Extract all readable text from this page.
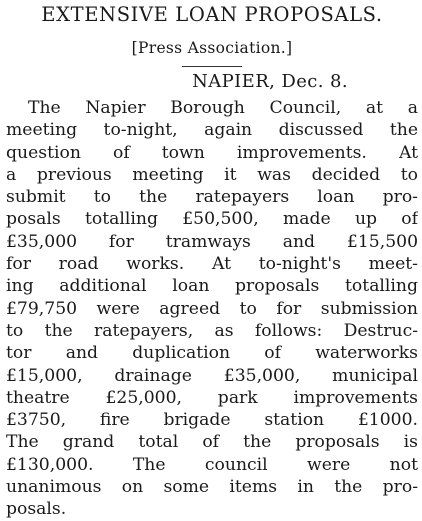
EXTENSIVE LOAN PROPOSALS.

[Press Association.]

NAPIER, Dec. 8.
The Napier Borough Council, at a
meeting to-night, again discussed the
question of town improvements. At
a previous meeting it was decided to
submit to the ratepayers loan pro-
posals totalling £50,500, made up of
£35,000 for tramways and £15,500
for road works. At to-night's meet-
ing additional loan proposals totalling
£79,750 were agreed to for submission
to the ratepayers, as follows: Destruc-
tor and duplication of waterworks
£15,000, drainage £35,000, municipal
theatre £25,000, park improvements
£3750, fire brigade station £1000.
The grand total of the proposals is
£130,000. The council were not
unanimous on some items in the pro-
posals.
